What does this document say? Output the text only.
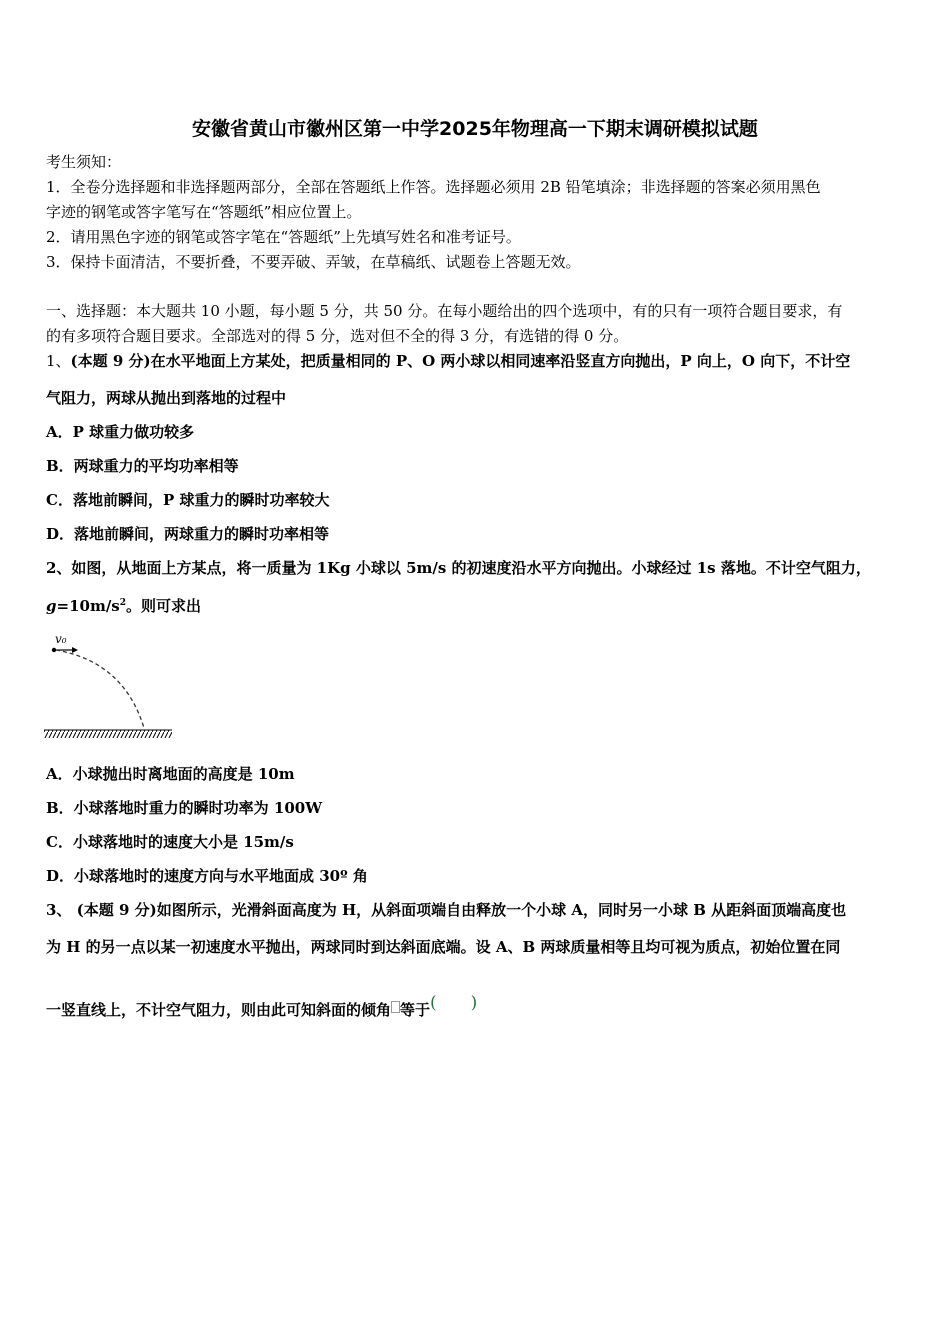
安徽省黄山市徽州区第一中学2025年物理高一下期末调研模拟试题
考生须知：
1．全卷分选择题和非选择题两部分，全部在答题纸上作答。选择题必须用 2B 铅笔填涂；非选择题的答案必须用黑色
字迹的钢笔或答字笔写在“答题纸”相应位置上。
2．请用黑色字迹的钢笔或答字笔在“答题纸”上先填写姓名和准考证号。
3．保持卡面清洁，不要折叠，不要弄破、弄皱，在草稿纸、试题卷上答题无效。
一、选择题：本大题共 10 小题，每小题 5 分，共 50 分。在每小题给出的四个选项中，有的只有一项符合题目要求，有
的有多项符合题目要求。全部选对的得 5 分，选对但不全的得 3 分，有选错的得 0 分。
1、(本题 9 分)在水平地面上方某处，把质量相同的 P、O 两小球以相同速率沿竖直方向抛出，P 向上，O 向下，不计空
气阻力，两球从抛出到落地的过程中
A．P 球重力做功较多
B．两球重力的平均功率相等
C．落地前瞬间，P 球重力的瞬时功率较大
D．落地前瞬间，两球重力的瞬时功率相等
2、如图，从地面上方某点，将一质量为 1Kg 小球以 5m/s 的初速度沿水平方向抛出。小球经过 1s 落地。不计空气阻力，
$g=10m/s^2$。则可求出
v₀
A．小球抛出时离地面的高度是 10m
B．小球落地时重力的瞬时功率为 100W
C．小球落地时的速度大小是 15m/s
D．小球落地时的速度方向与水平地面成 30º 角
3、 (本题 9 分)如图所示，光滑斜面高度为 H，从斜面项端自由释放一个小球 A，同时另一小球 B 从距斜面顶端高度也
为 H 的另一点以某一初速度水平抛出，两球同时到达斜面底端。设 A、B 两球质量相等且均可视为质点，初始位置在同
一竖直线上，不计空气阻力，则由此可知斜面的倾角 等于(　　)
